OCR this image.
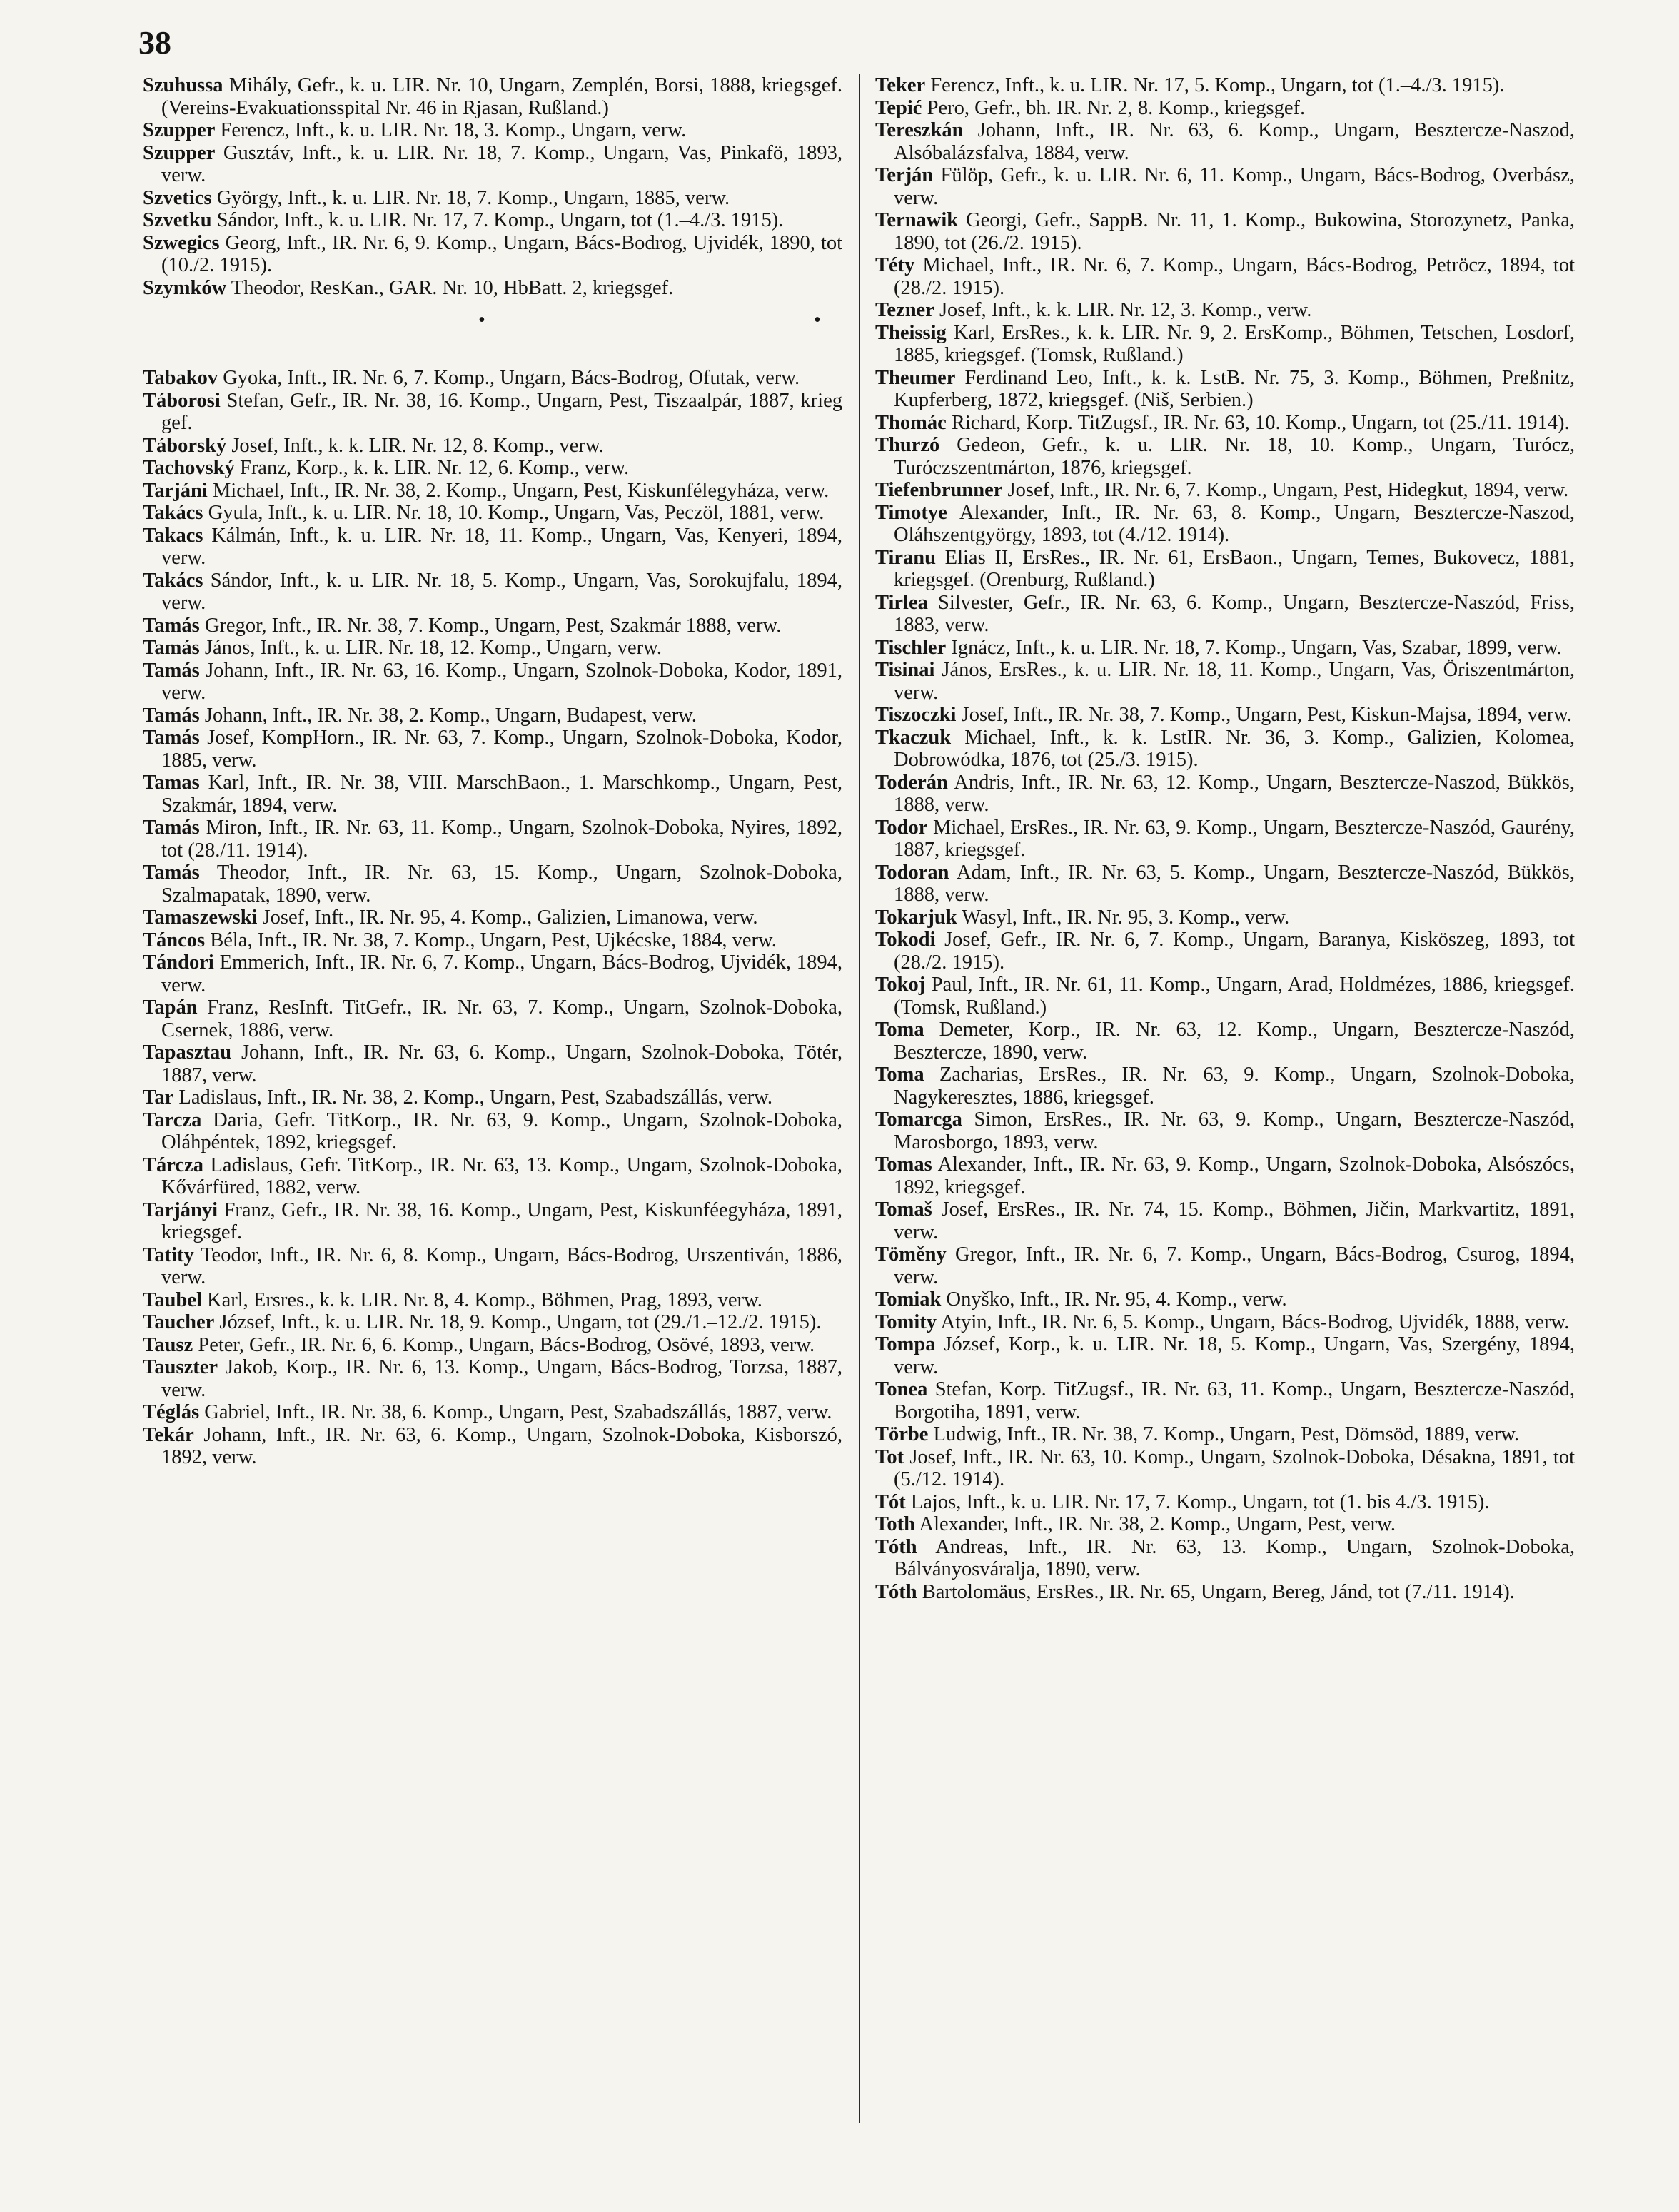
38

Szuhussa Mihály, Gefr., k. u. LIR. Nr. 10, Ungarn, Zemplén, Borsi, 1888, kriegsgef. (Vereins-Evakuationsspital Nr. 46 in Rjasan, Rußland.)

Szupper Ferencz, Inft., k. u. LIR. Nr. 18, 3. Komp., Ungarn, verw.

Szupper Gusztáv, Inft., k. u. LIR. Nr. 18, 7. Komp., Ungarn, Vas, Pinkafö, 1893, verw.

Szvetics György, Inft., k. u. LIR. Nr. 18, 7. Komp., Ungarn, 1885, verw.

Szvetku Sándor, Inft., k. u. LIR. Nr. 17, 7. Komp., Ungarn, tot (1.–4./3. 1915).

Szwegics Georg, Inft., IR. Nr. 6, 9. Komp., Ungarn, Bács-Bodrog, Ujvidék, 1890, tot (10./2. 1915).

Szymków Theodor, ResKan., GAR. Nr. 10, HbBatt. 2, kriegsgef.

•	•

Tabakov Gyoka, Inft., IR. Nr. 6, 7. Komp., Ungarn, Bács-Bodrog, Ofutak, verw.

Táborosi Stefan, Gefr., IR. Nr. 38, 16. Komp., Ungarn, Pest, Tiszaalpár, 1887, krieg gef.

Táborský Josef, Inft., k. k. LIR. Nr. 12, 8. Komp., verw.

Tachovský Franz, Korp., k. k. LIR. Nr. 12, 6. Komp., verw.

Tarjáni Michael, Inft., IR. Nr. 38, 2. Komp., Ungarn, Pest, Kiskunfélegyháza, verw.

Takács Gyula, Inft., k. u. LIR. Nr. 18, 10. Komp., Ungarn, Vas, Peczöl, 1881, verw.

Takacs Kálmán, Inft., k. u. LIR. Nr. 18, 11. Komp., Ungarn, Vas, Kenyeri, 1894, verw.

Takács Sándor, Inft., k. u. LIR. Nr. 18, 5. Komp., Ungarn, Vas, Sorokujfalu, 1894, verw.

Tamás Gregor, Inft., IR. Nr. 38, 7. Komp., Ungarn, Pest, Szakmár 1888, verw.

Tamás János, Inft., k. u. LIR. Nr. 18, 12. Komp., Ungarn, verw.

Tamás Johann, Inft., IR. Nr. 63, 16. Komp., Ungarn, Szolnok-Doboka, Kodor, 1891, verw.

Tamás Johann, Inft., IR. Nr. 38, 2. Komp., Ungarn, Budapest, verw.

Tamás Josef, KompHorn., IR. Nr. 63, 7. Komp., Ungarn, Szolnok-Doboka, Kodor, 1885, verw.

Tamas Karl, Inft., IR. Nr. 38, VIII. MarschBaon., 1. Marschkomp., Ungarn, Pest, Szakmár, 1894, verw.

Tamás Miron, Inft., IR. Nr. 63, 11. Komp., Ungarn, Szolnok-Doboka, Nyires, 1892, tot (28./11. 1914).

Tamás Theodor, Inft., IR. Nr. 63, 15. Komp., Ungarn, Szolnok-Doboka, Szalmapatak, 1890, verw.

Tamaszewski Josef, Inft., IR. Nr. 95, 4. Komp., Galizien, Limanowa, verw.

Táncos Béla, Inft., IR. Nr. 38, 7. Komp., Ungarn, Pest, Ujkécske, 1884, verw.

Tándori Emmerich, Inft., IR. Nr. 6, 7. Komp., Ungarn, Bács-Bodrog, Ujvidék, 1894, verw.

Tapán Franz, ResInft. TitGefr., IR. Nr. 63, 7. Komp., Ungarn, Szolnok-Doboka, Csernek, 1886, verw.

Tapasztau Johann, Inft., IR. Nr. 63, 6. Komp., Ungarn, Szolnok-Doboka, Tötér, 1887, verw.

Tar Ladislaus, Inft., IR. Nr. 38, 2. Komp., Ungarn, Pest, Szabadszállás, verw.

Tarcza Daria, Gefr. TitKorp., IR. Nr. 63, 9. Komp., Ungarn, Szolnok-Doboka, Oláhpéntek, 1892, kriegsgef.

Tárcza Ladislaus, Gefr. TitKorp., IR. Nr. 63, 13. Komp., Ungarn, Szolnok-Doboka, Kővárfüred, 1882, verw.

Tarjányi Franz, Gefr., IR. Nr. 38, 16. Komp., Ungarn, Pest, Kiskunféegyháza, 1891, kriegsgef.

Tatity Teodor, Inft., IR. Nr. 6, 8. Komp., Ungarn, Bács-Bodrog, Urszentiván, 1886, verw.

Taubel Karl, Ersres., k. k. LIR. Nr. 8, 4. Komp., Böhmen, Prag, 1893, verw.

Taucher József, Inft., k. u. LIR. Nr. 18, 9. Komp., Ungarn, tot (29./1.–12./2. 1915).

Tausz Peter, Gefr., IR. Nr. 6, 6. Komp., Ungarn, Bács-Bodrog, Osövé, 1893, verw.

Tauszter Jakob, Korp., IR. Nr. 6, 13. Komp., Ungarn, Bács-Bodrog, Torzsa, 1887, verw.

Téglás Gabriel, Inft., IR. Nr. 38, 6. Komp., Ungarn, Pest, Szabadszállás, 1887, verw.

Tekár Johann, Inft., IR. Nr. 63, 6. Komp., Ungarn, Szolnok-Doboka, Kisborszó, 1892, verw.

Teker Ferencz, Inft., k. u. LIR. Nr. 17, 5. Komp., Ungarn, tot (1.–4./3. 1915).

Tepić Pero, Gefr., bh. IR. Nr. 2, 8. Komp., kriegsgef.

Tereszkán Johann, Inft., IR. Nr. 63, 6. Komp., Ungarn, Beszterczе-Naszod, Alsóbalázsfalva, 1884, verw.

Terján Fülöp, Gefr., k. u. LIR. Nr. 6, 11. Komp., Ungarn, Bács-Bodrog, Overbász, verw.

Ternawik Georgi, Gefr., SappB. Nr. 11, 1. Komp., Bukowina, Storozynetz, Panka, 1890, tot (26./2. 1915).

Téty Michael, Inft., IR. Nr. 6, 7. Komp., Ungarn, Bács-Bodrog, Petröcz, 1894, tot (28./2. 1915).

Tezner Josef, Inft., k. k. LIR. Nr. 12, 3. Komp., verw.

Theissig Karl, ErsRes., k. k. LIR. Nr. 9, 2. ErsKomp., Böhmen, Tetschen, Losdorf, 1885, kriegsgef. (Tomsk, Rußland.)

Theumer Ferdinand Leo, Inft., k. k. LstB. Nr. 75, 3. Komp., Böhmen, Preßnitz, Kupferberg, 1872, kriegsgef. (Niš, Serbien.)

Thomác Richard, Korp. TitZugsf., IR. Nr. 63, 10. Komp., Ungarn, tot (25./11. 1914).

Thurzó Gedeon, Gefr., k. u. LIR. Nr. 18, 10. Komp., Ungarn, Turócz, Turóczszentmárton, 1876, kriegsgef.

Tiefenbrunner Josef, Inft., IR. Nr. 6, 7. Komp., Ungarn, Pest, Hidegkut, 1894, verw.

Timotye Alexander, Inft., IR. Nr. 63, 8. Komp., Ungarn, Beszterczе-Naszod, Oláhszentgyörgy, 1893, tot (4./12. 1914).

Tiranu Elias II, ErsRes., IR. Nr. 61, ErsBaon., Ungarn, Temes, Bukovecz, 1881, kriegsgef. (Orenburg, Rußland.)

Tirlea Silvester, Gefr., IR. Nr. 63, 6. Komp., Ungarn, Beszterczе-Naszód, Friss, 1883, verw.

Tischler Ignácz, Inft., k. u. LIR. Nr. 18, 7. Komp., Ungarn, Vas, Szabar, 1899, verw.

Tisinai János, ErsRes., k. u. LIR. Nr. 18, 11. Komp., Ungarn, Vas, Öriszentmárton, verw.

Tiszoczki Josef, Inft., IR. Nr. 38, 7. Komp., Ungarn, Pest, Kiskun-Majsa, 1894, verw.

Tkaczuk Michael, Inft., k. k. LstIR. Nr. 36, 3. Komp., Galizien, Kolomea, Dobrowódka, 1876, tot (25./3. 1915).

Toderán Andris, Inft., IR. Nr. 63, 12. Komp., Ungarn, Beszterczе-Naszod, Bükkös, 1888, verw.

Todor Michael, ErsRes., IR. Nr. 63, 9. Komp., Ungarn, Beszterczе-Naszód, Gaurény, 1887, kriegsgef.

Todoran Adam, Inft., IR. Nr. 63, 5. Komp., Ungarn, Beszterczе-Naszód, Bükkös, 1888, verw.

Tokarjuk Wasyl, Inft., IR. Nr. 95, 3. Komp., verw.

Tokodi Josef, Gefr., IR. Nr. 6, 7. Komp., Ungarn, Baranya, Kisköszeg, 1893, tot (28./2. 1915).

Tokoj Paul, Inft., IR. Nr. 61, 11. Komp., Ungarn, Arad, Holdmézes, 1886, kriegsgef. (Tomsk, Rußland.)

Toma Demeter, Korp., IR. Nr. 63, 12. Komp., Ungarn, Beszterczе-Naszód, Beszterczе, 1890, verw.

Toma Zacharias, ErsRes., IR. Nr. 63, 9. Komp., Ungarn, Szolnok-Doboka, Nagykeresztes, 1886, kriegsgef.

Tomarcga Simon, ErsRes., IR. Nr. 63, 9. Komp., Ungarn, Beszterczе-Naszód, Marosborgo, 1893, verw.

Tomas Alexander, Inft., IR. Nr. 63, 9. Komp., Ungarn, Szolnok-Doboka, Alsószócs, 1892, kriegsgef.

Tomaš Josef, ErsRes., IR. Nr. 74, 15. Komp., Böhmen, Jičin, Markvartitz, 1891, verw.

Töměny Gregor, Inft., IR. Nr. 6, 7. Komp., Ungarn, Bács-Bodrog, Csurog, 1894, verw.

Tomiak Onyško, Inft., IR. Nr. 95, 4. Komp., verw.

Tomity Atyin, Inft., IR. Nr. 6, 5. Komp., Ungarn, Bács-Bodrog, Ujvidék, 1888, verw.

Tompa József, Korp., k. u. LIR. Nr. 18, 5. Komp., Ungarn, Vas, Szergény, 1894, verw.

Tonea Stefan, Korp. TitZugsf., IR. Nr. 63, 11. Komp., Ungarn, Beszterczе-Naszód, Borgotiha, 1891, verw.

Törbe Ludwig, Inft., IR. Nr. 38, 7. Komp., Ungarn, Pest, Dömsöd, 1889, verw.

Tot Josef, Inft., IR. Nr. 63, 10. Komp., Ungarn, Szolnok-Doboka, Désakna, 1891, tot (5./12. 1914).

Tót Lajos, Inft., k. u. LIR. Nr. 17, 7. Komp., Ungarn, tot (1. bis 4./3. 1915).

Toth Alexander, Inft., IR. Nr. 38, 2. Komp., Ungarn, Pest, verw.

Tóth Andreas, Inft., IR. Nr. 63, 13. Komp., Ungarn, Szolnok-Doboka, Bálványosváralja, 1890, verw.

Tóth Bartolomäus, ErsRes., IR. Nr. 65, Ungarn, Bereg, Jánd, tot (7./11. 1914).
